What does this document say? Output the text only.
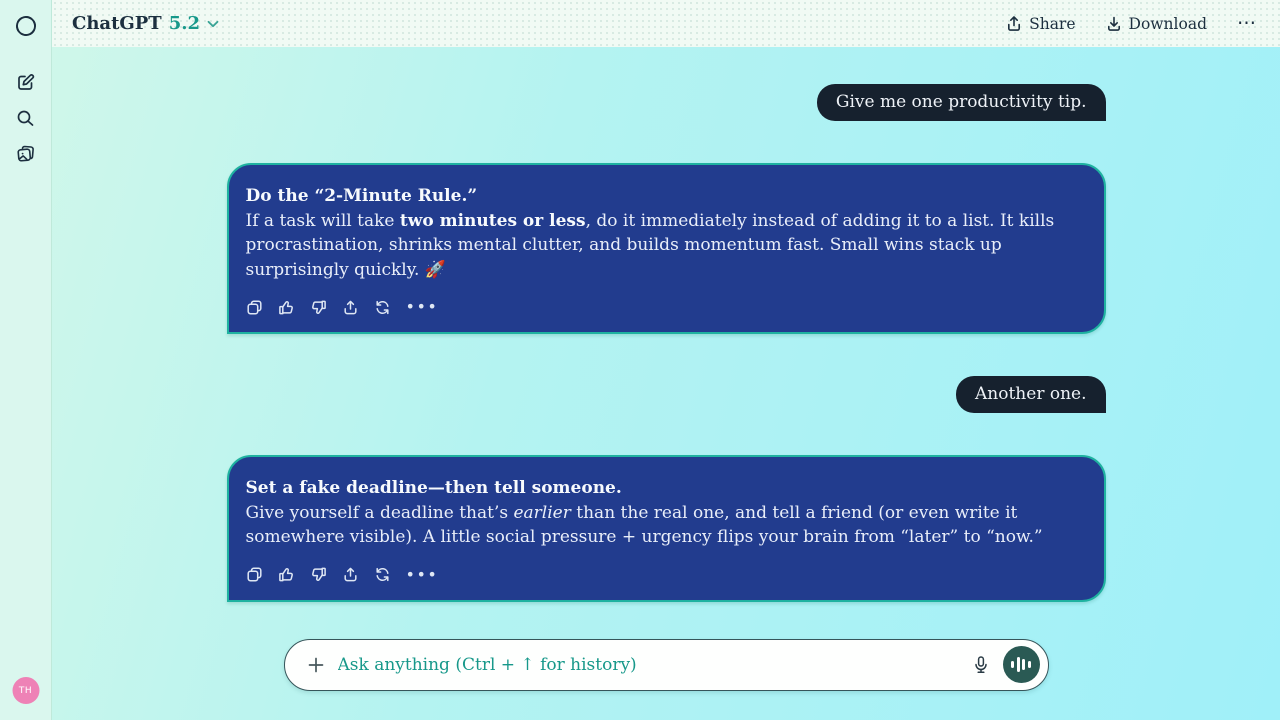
TH
ChatGPT 5.2	Share	Download ⋯
Give me one productivity tip.
Do the “2-Minute Rule.”
If a task will take two minutes or less, do it immediately instead of adding it to a list. It kills procrastination, shrinks mental clutter, and builds momentum fast. Small wins stack up surprisingly quickly. 🚀
•••
Another one.
Set a fake deadline—then tell someone.
Give yourself a deadline that’s earlier than the real one, and tell a friend (or even write it somewhere visible). A little social pressure + urgency flips your brain from “later” to “now.”
•••
Ask anything (Ctrl + ↑ for history)
